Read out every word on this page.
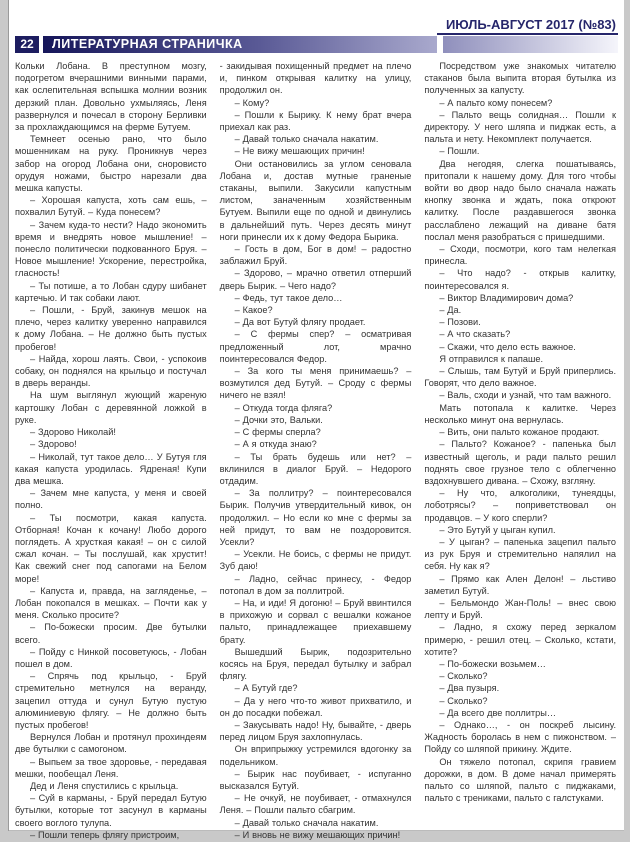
ИЮЛЬ-АВГУСТ 2017 (№83)
22	ЛИТЕРАТУРНАЯ СТРАНИЧКА

Кольки Лобана. В преступном мозгу, подогретом вчерашними винными парами, как ослепительная вспышка молнии возник дерзкий план. Довольно ухмыляясь, Леня развернулся и почесал в сторону Берливки за прохлаждающимся на ферме Бутуем.

Темнеет осенью рано, что было мошенникам на руку. Проникнув через забор на огород Лобана они, сноровисто орудуя ножами, быстро нарезали два мешка капусты.

– Хорошая капуста, хоть сам ешь, – похвалил Бутуй. – Куда понесем?

– Зачем куда-то нести? Надо экономить время и внедрять новое мышление! – понесло политически подкованного Бруя. – Новое мышление! Ускорение, перестройка, гласность!

– Ты потише, а то Лобан сдуру шибанет картечью. И так собаки лают.

– Пошли, - Бруй, закинув мешок на плечо, через калитку уверенно направился к дому Лобана. – Не должно быть пустых пробегов!

– Найда, хорош лаять. Свои, - успокоив собаку, он поднялся на крыльцо и постучал в дверь веранды.

На шум выглянул жующий жареную картошку Лобан с деревянной ложкой в руке.

– Здорово Николай!

– Здорово!

– Николай, тут такое дело… У Бутуя гля какая капуста уродилась. Ядреная! Купи два мешка.

– Зачем мне капуста, у меня и своей полно.

– Ты посмотри, какая капуста. Отборная! Кочан к кочану! Любо дорого поглядеть. А хрусткая какая! – он с силой сжал кочан. – Ты послушай, как хрустит! Как свежий снег под сапогами на Белом море!

– Капуста и, правда, на загляденье, – Лобан покопался в мешках. – Почти как у меня. Сколько просите?

– По-божески просим. Две бутылки всего.

– Пойду с Нинкой посоветуюсь, - Лобан пошел в дом.

– Спрячь под крыльцо, - Бруй стремительно метнулся на веранду, зацепил оттуда и сунул Бутую пустую алюминиевую флягу. – Не должно быть пустых пробегов!

Вернулся Лобан и протянул прохиндеям две бутылки с самогоном.

– Выпьем за твое здоровье, - передавая мешки, пообещал Леня.

Дед и Леня спустились с крыльца.

– Суй в карманы, - Бруй передал Бутую бутылки, которые тот засунул в карманы своего воглого тулупа.

– Пошли теперь флягу пристроим,

- закидывая похищенный предмет на плечо и, пинком открывая калитку на улицу, продолжил он.

– Кому?

– Пошли к Бырику. К нему брат вчера приехал как раз.

– Давай только сначала накатим.

– Не вижу мешающих причин!

Они остановились за углом сеновала Лобана и, достав мутные граненые стаканы, выпили. Закусили капустным листом, заначенным хозяйственным Бутуем. Выпили еще по одной и двинулись в дальнейший путь. Через десять минут ноги принесли их к дому Федора Бырика.

– Гость в дом, Бог в дом! – радостно заблажил Бруй.

– Здорово, – мрачно ответил отперший дверь Бырик. – Чего надо?

– Федь, тут такое дело…

– Какое?

– Да вот Бутуй флягу продает.

– С фермы спер? – осматривая предложенный лот, мрачно поинтересовался Федор.

– За кого ты меня принимаешь? – возмутился дед Бутуй. – Сроду с фермы ничего не взял!

– Откуда тогда фляга?

– Дочки это, Вальки.

– С фермы сперла?

– А я откуда знаю?

– Ты брать будешь или нет? – вклинился в диалог Бруй. – Недорого отдадим.

– За поллитру? – поинтересовался Бырик. Получив утвердительный кивок, он продолжил. – Но если ко мне с фермы за ней придут, то вам не поздоровится. Усекли?

– Усекли. Не боись, с фермы не придут. Зуб даю!

– Ладно, сейчас принесу, - Федор потопал в дом за поллитрой.

– На, и иди! Я догоню! – Бруй ввинтился в прихожую и сорвал с вешалки кожаное пальто, принадлежащее приехавшему брату.

Вышедший Бырик, подозрительно косясь на Бруя, передал бутылку и забрал флягу.

– А Бутуй где?

– Да у него что-то живот прихватило, и он до посадки побежал.

– Закусывать надо! Ну, бывайте, - дверь перед лицом Бруя захлопнулась.

Он вприпрыжку устремился вдогонку за подельником.

– Бырик нас поубивает, - испуганно высказался Бутуй.

– Не очкуй, не поубивает, - отмахнулся Леня. – Пошли пальто сбагрим.

– Давай только сначала накатим.

– И вновь не вижу мешающих причин!

Посредством уже знакомых читателю стаканов была выпита вторая бутылка из полученных за капусту.

– А пальто кому понесем?

– Пальто вещь солидная… Пошли к директору. У него шляпа и пиджак есть, а пальта и нету. Некомплект получается.

– Пошли.

Два негодяя, слегка пошатываясь, притопали к нашему дому. Для того чтобы войти во двор надо было сначала нажать кнопку звонка и ждать, пока откроют калитку. После раздавшегося звонка расслаблено лежащий на диване батя послал меня разобраться с пришедшими.

– Сходи, посмотри, кого там нелегкая принесла.

– Что надо? - открыв калитку, поинтересовался я.

– Виктор Владимирович дома?

– Да.

– Позови.

– А что сказать?

– Скажи, что дело есть важное.

Я отправился к папаше.

– Слышь, там Бутуй и Бруй приперлись. Говорят, что дело важное.

– Валь, сходи и узнай, что там важного.

Мать потопала к калитке. Через несколько минут она вернулась.

– Вить, они пальто кожаное продают.

– Пальто? Кожаное? - папенька был известный щеголь, и ради пальто решил поднять свое грузное тело с облегченно вздохнувшего дивана. – Схожу, взгляну.

– Ну что, алкоголики, тунеядцы, лоботрясы? – поприветствовал он продавцов. – У кого сперли?

– Это Бутуй у цыган купил.

– У цыган? – папенька зацепил пальто из рук Бруя и стремительно напялил на себя. Ну как я?

– Прямо как Ален Делон! – льстиво заметил Бутуй.

– Бельмондо Жан-Поль! – внес свою лепту и Бруй.

– Ладно, я схожу перед зеркалом примерю, - решил отец. – Сколько, кстати, хотите?

– По-божески возьмем…

– Сколько?

– Два пузыря.

– Сколько?

– Да всего две поллитры…

– Однако…, - он поскреб лысину. Жадность боролась в нем с пижонством. – Пойду со шляпой прикину. Ждите.

Он тяжело потопал, скрипя гравием дорожки, в дом. В доме начал примерять пальто со шляпой, пальто с пиджаками, пальто с трениками, пальто с галстуками.
